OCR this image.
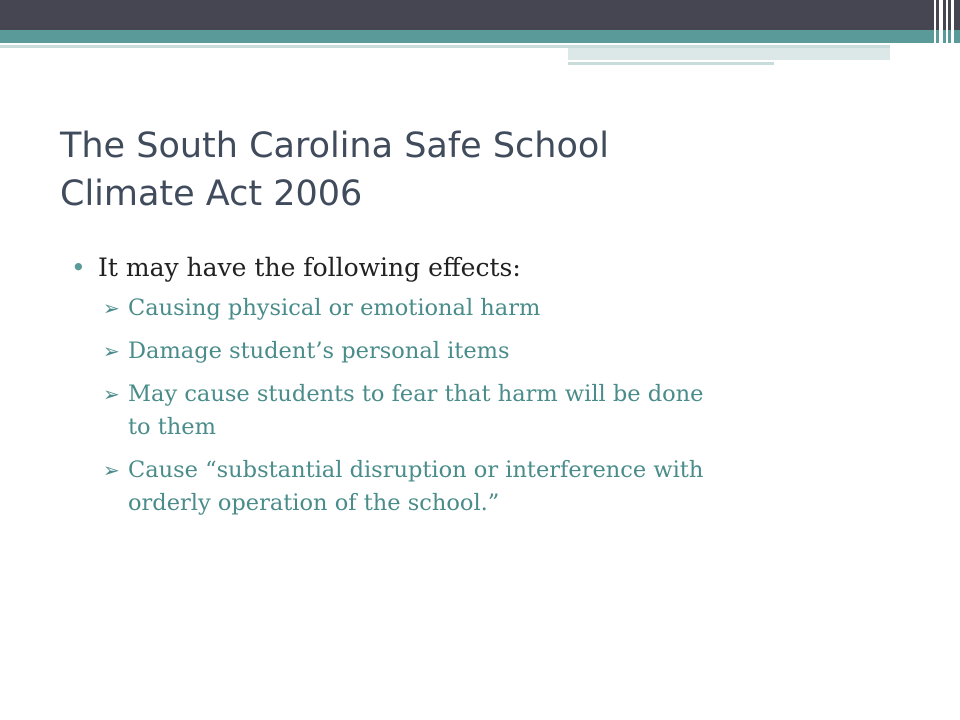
The South Carolina Safe School
Climate Act 2006
• It may have the following effects:
➢ Causing physical or emotional harm
➢ Damage student’s personal items
➢ May cause students to fear that harm will be done
to them
➢ Cause “substantial disruption or interference with
orderly operation of the school.”
